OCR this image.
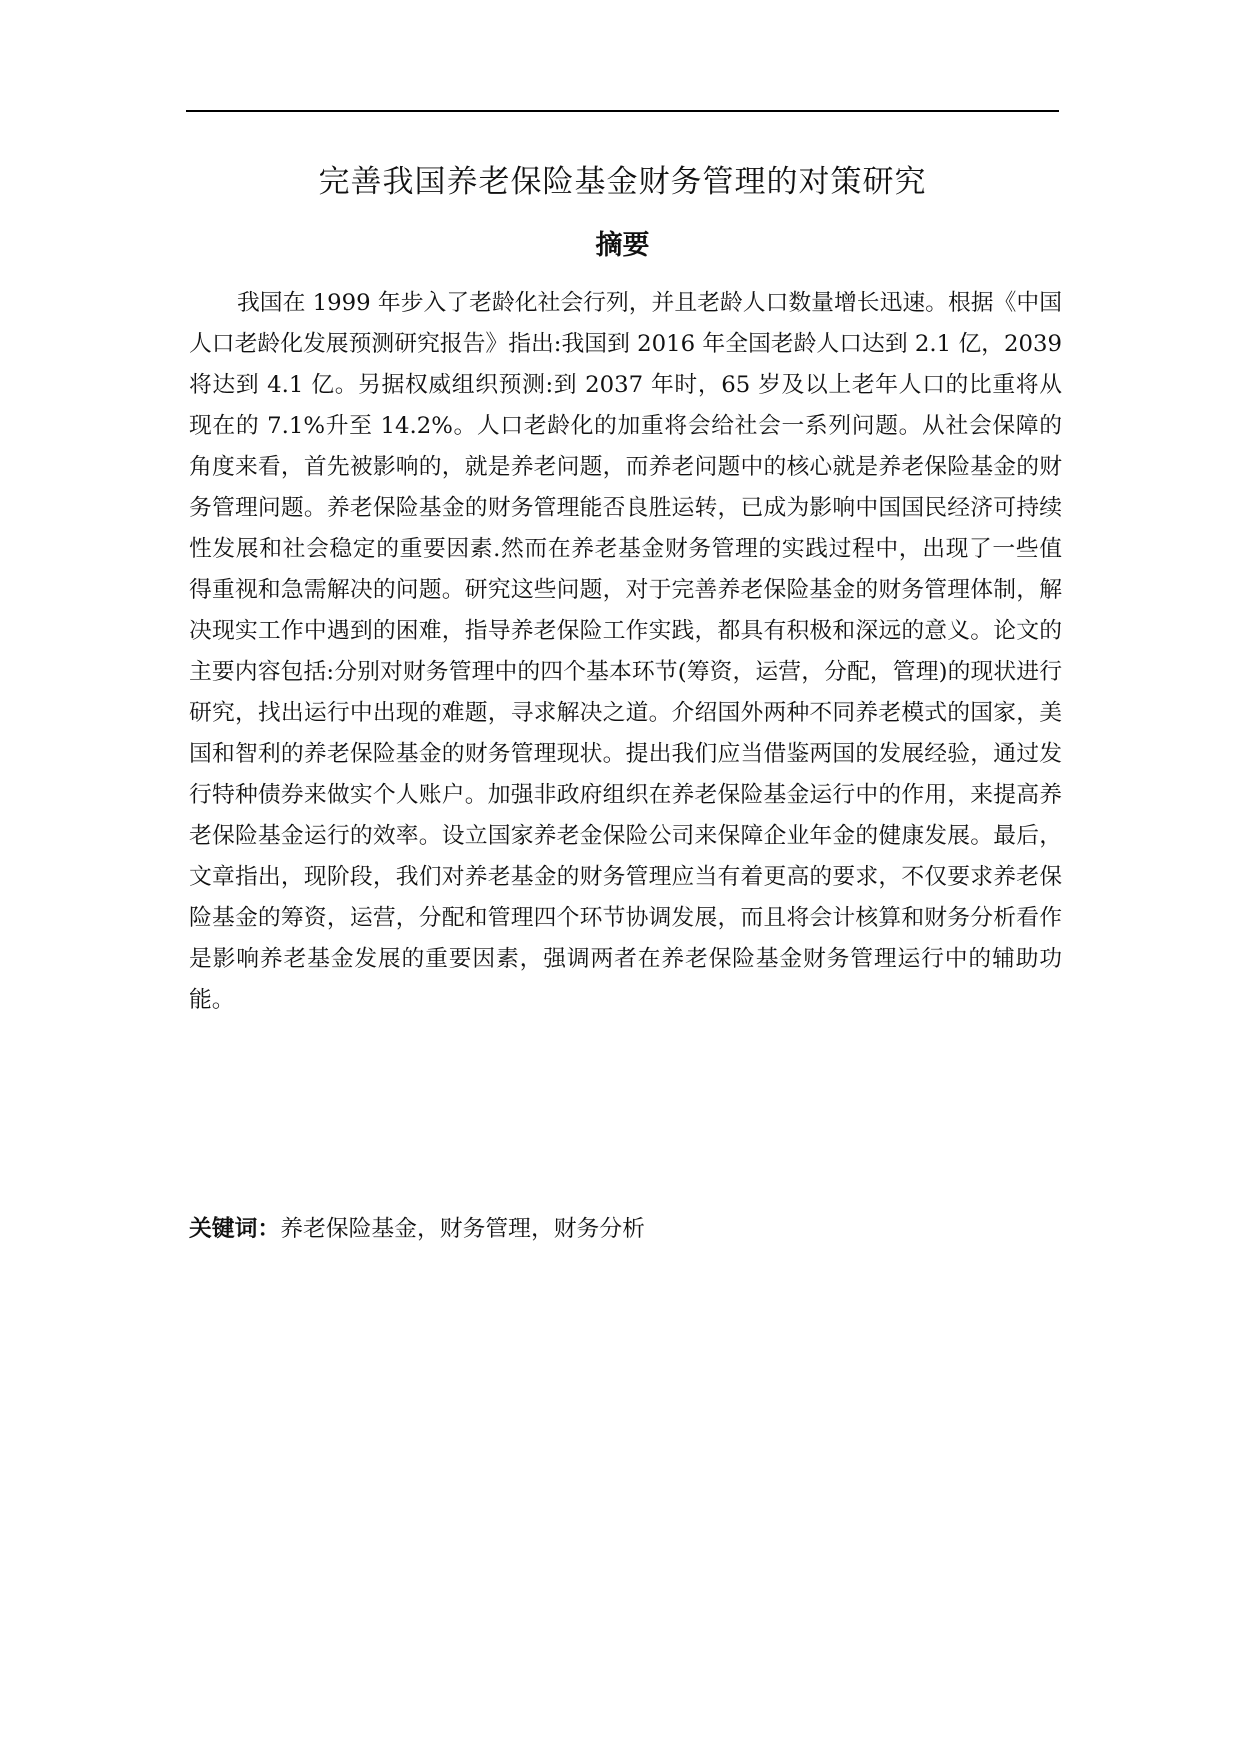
完善我国养老保险基金财务管理的对策研究
摘要

我国在 1999 年步入了老龄化社会行列，并且老龄人口数量增长迅速。根据《中国人口老龄化发展预测研究报告》指出:我国到 2016 年全国老龄人口达到 2.1 亿，2039 将达到 4.1 亿。另据权威组织预测:到 2037 年时，65 岁及以上老年人口的比重将从现在的 7.1%升至 14.2%。人口老龄化的加重将会给社会一系列问题。从社会保障的角度来看，首先被影响的，就是养老问题，而养老问题中的核心就是养老保险基金的财务管理问题。养老保险基金的财务管理能否良胜运转，已成为影响中国国民经济可持续性发展和社会稳定的重要因素.然而在养老基金财务管理的实践过程中，出现了一些值得重视和急需解决的问题。研究这些问题，对于完善养老保险基金的财务管理体制，解决现实工作中遇到的困难，指导养老保险工作实践，都具有积极和深远的意义。论文的主要内容包括:分别对财务管理中的四个基本环节(筹资，运营，分配，管理)的现状进行研究，找出运行中出现的难题，寻求解决之道。介绍国外两种不同养老模式的国家，美国和智利的养老保险基金的财务管理现状。提出我们应当借鉴两国的发展经验，通过发行特种债券来做实个人账户。加强非政府组织在养老保险基金运行中的作用，来提高养老保险基金运行的效率。设立国家养老金保险公司来保障企业年金的健康发展。最后，文章指出，现阶段，我们对养老基金的财务管理应当有着更高的要求，不仅要求养老保险基金的筹资，运营，分配和管理四个环节协调发展，而且将会计核算和财务分析看作是影响养老基金发展的重要因素，强调两者在养老保险基金财务管理运行中的辅助功能。

关键词：养老保险基金，财务管理，财务分析
